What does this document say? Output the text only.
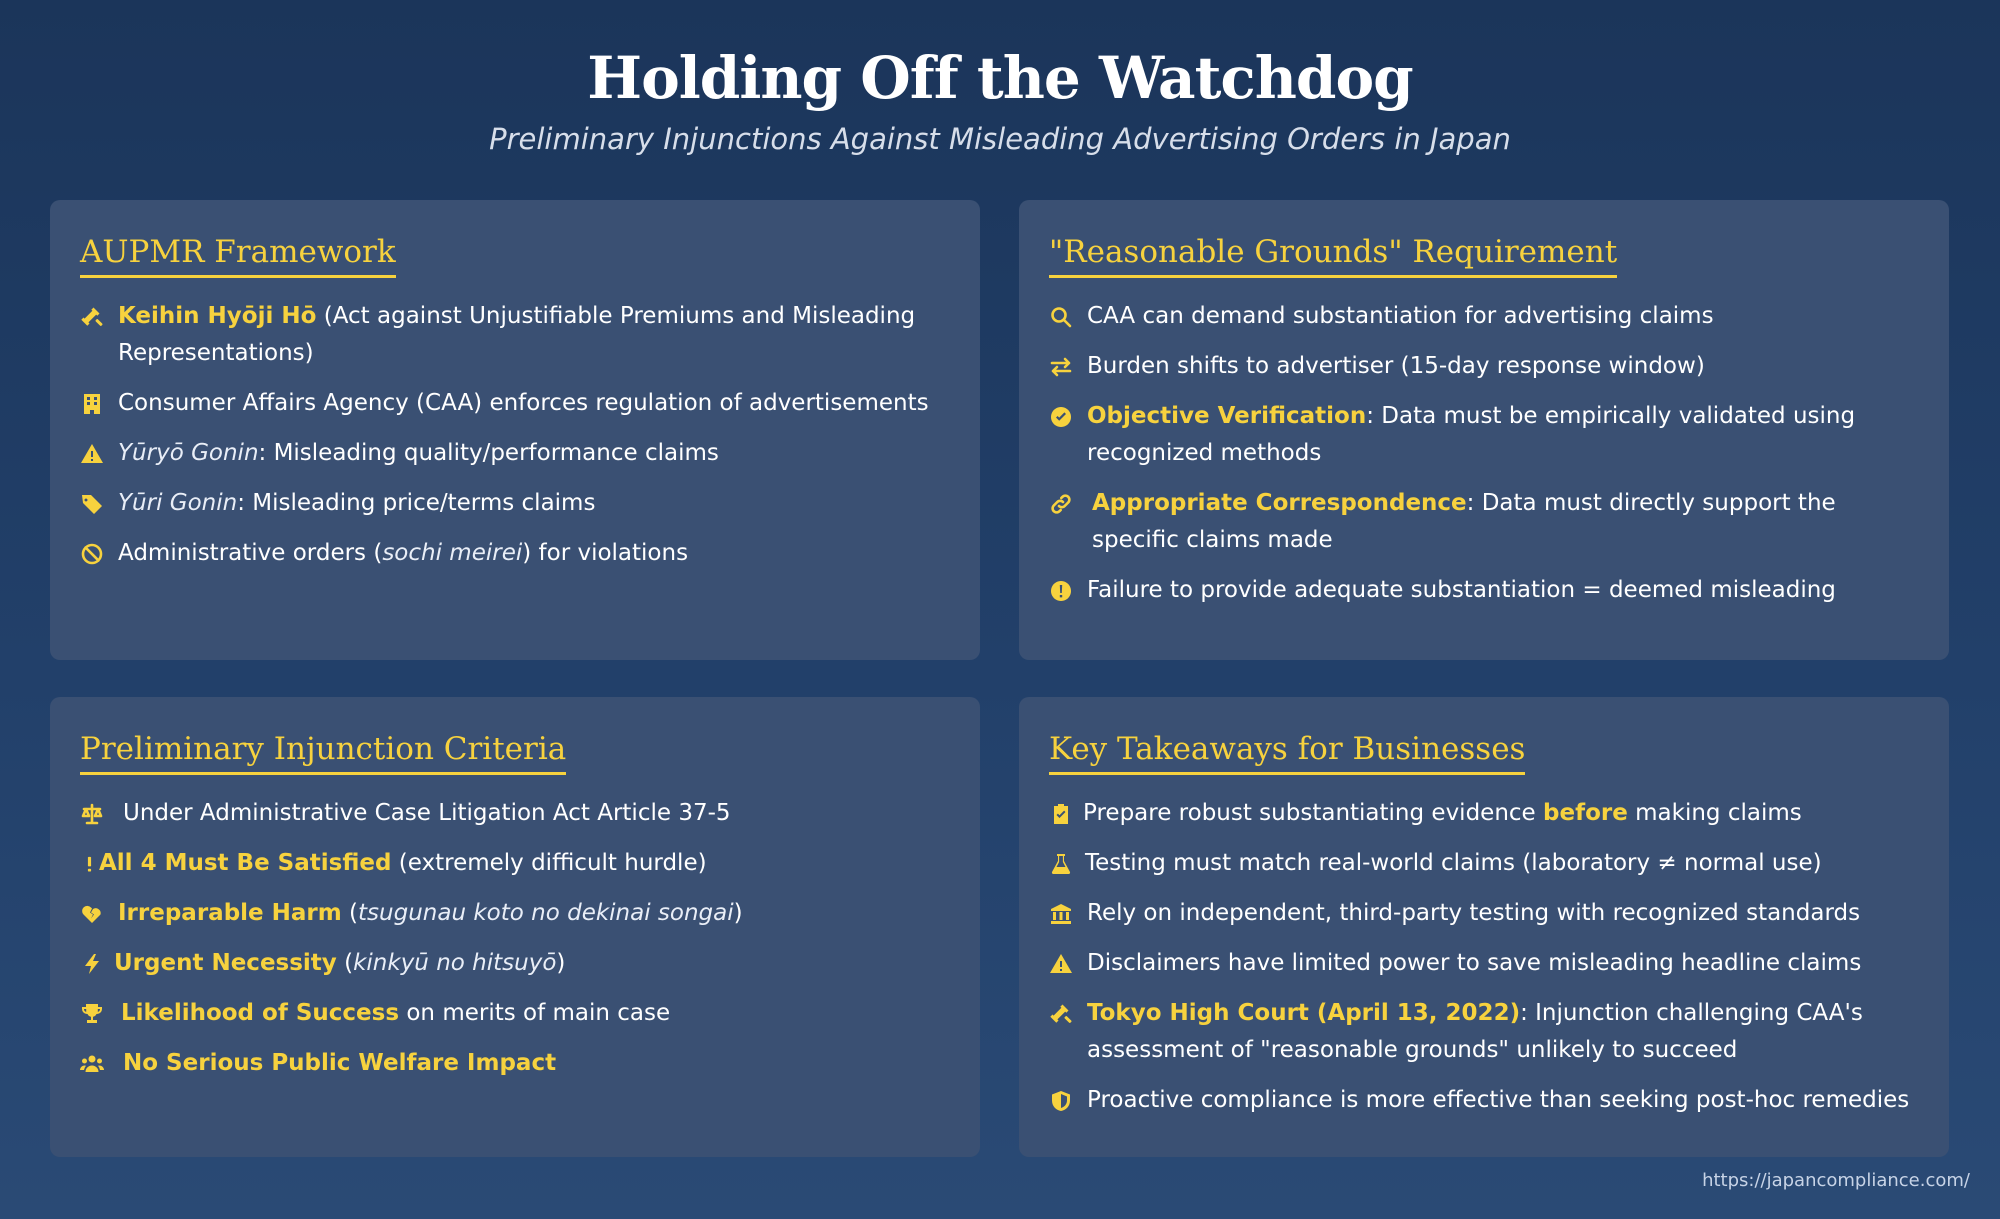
Holding Off the Watchdog
Preliminary Injunctions Against Misleading Advertising Orders in Japan
AUPMR Framework
Keihin Hyōji Hō (Act against Unjustifiable Premiums and Misleading Representations)
Consumer Affairs Agency (CAA) enforces regulation of advertisements
Yūryō Gonin: Misleading quality/performance claims
Yūri Gonin: Misleading price/terms claims
Administrative orders (sochi meirei) for violations
"Reasonable Grounds" Requirement
CAA can demand substantiation for advertising claims
Burden shifts to advertiser (15-day response window)
Objective Verification: Data must be empirically validated using recognized methods
Appropriate Correspondence: Data must directly support the specific claims made
Failure to provide adequate substantiation = deemed misleading
Preliminary Injunction Criteria
Under Administrative Case Litigation Act Article 37-5
All 4 Must Be Satisfied (extremely difficult hurdle)
Irreparable Harm (tsugunau koto no dekinai songai)
Urgent Necessity (kinkyū no hitsuyō)
Likelihood of Success on merits of main case
No Serious Public Welfare Impact
Key Takeaways for Businesses
Prepare robust substantiating evidence before making claims
Testing must match real-world claims (laboratory ≠ normal use)
Rely on independent, third-party testing with recognized standards
Disclaimers have limited power to save misleading headline claims
Tokyo High Court (April 13, 2022): Injunction challenging CAA's assessment of "reasonable grounds" unlikely to succeed
Proactive compliance is more effective than seeking post-hoc remedies
https://japancompliance.com/
